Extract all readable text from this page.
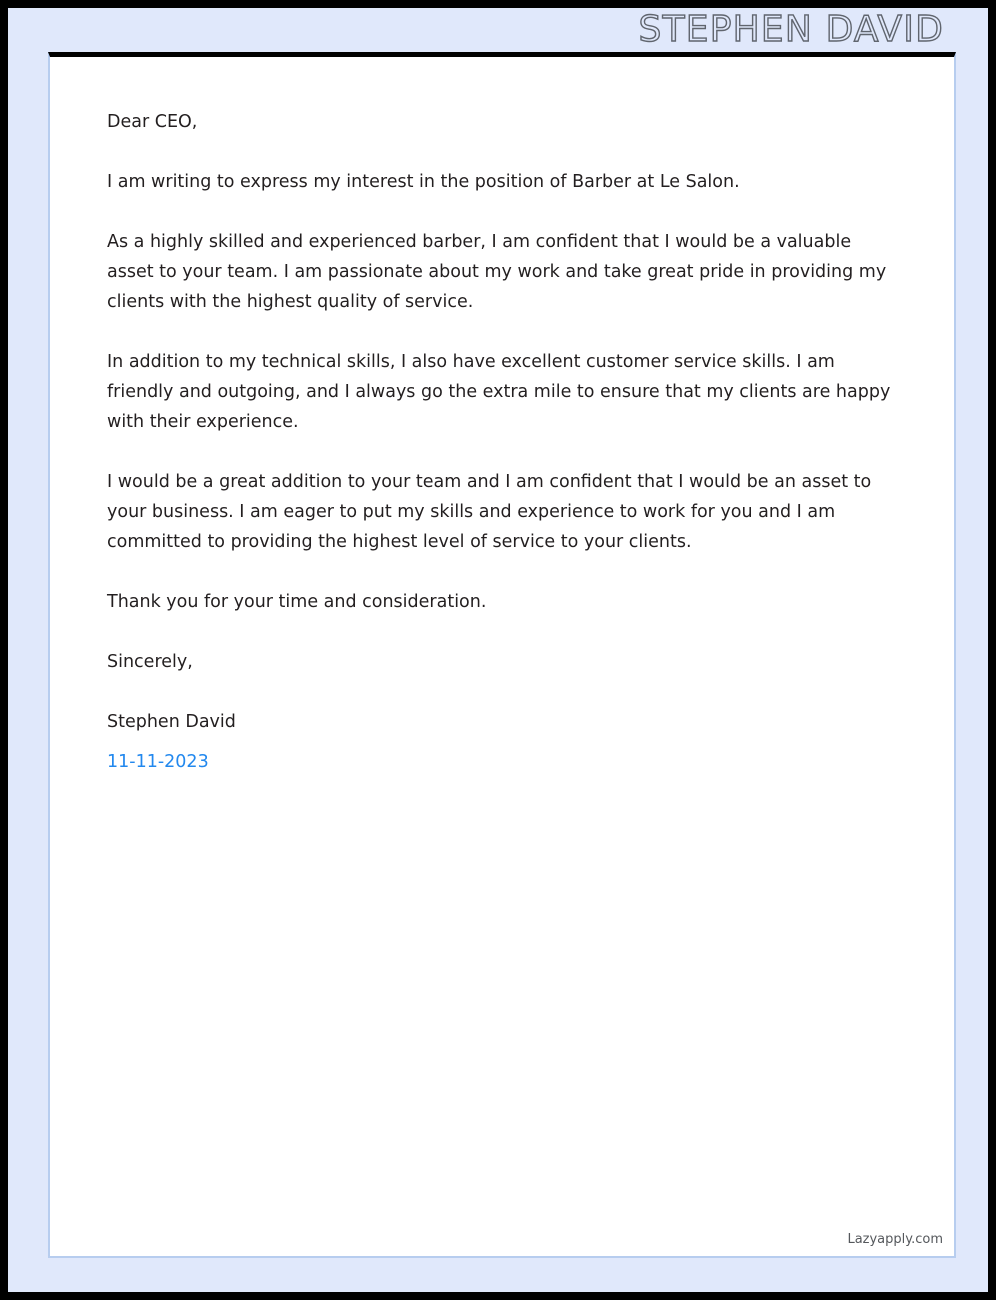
STEPHEN DAVID

Dear CEO,

I am writing to express my interest in the position of Barber at Le Salon.

As a highly skilled and experienced barber, I am confident that I would be a valuable asset to your team. I am passionate about my work and take great pride in providing my clients with the highest quality of service.

In addition to my technical skills, I also have excellent customer service skills. I am friendly and outgoing, and I always go the extra mile to ensure that my clients are happy with their experience.

I would be a great addition to your team and I am confident that I would be an asset to your business. I am eager to put my skills and experience to work for you and I am committed to providing the highest level of service to your clients.

Thank you for your time and consideration.

Sincerely,

Stephen David

11-11-2023

Lazyapply.com
